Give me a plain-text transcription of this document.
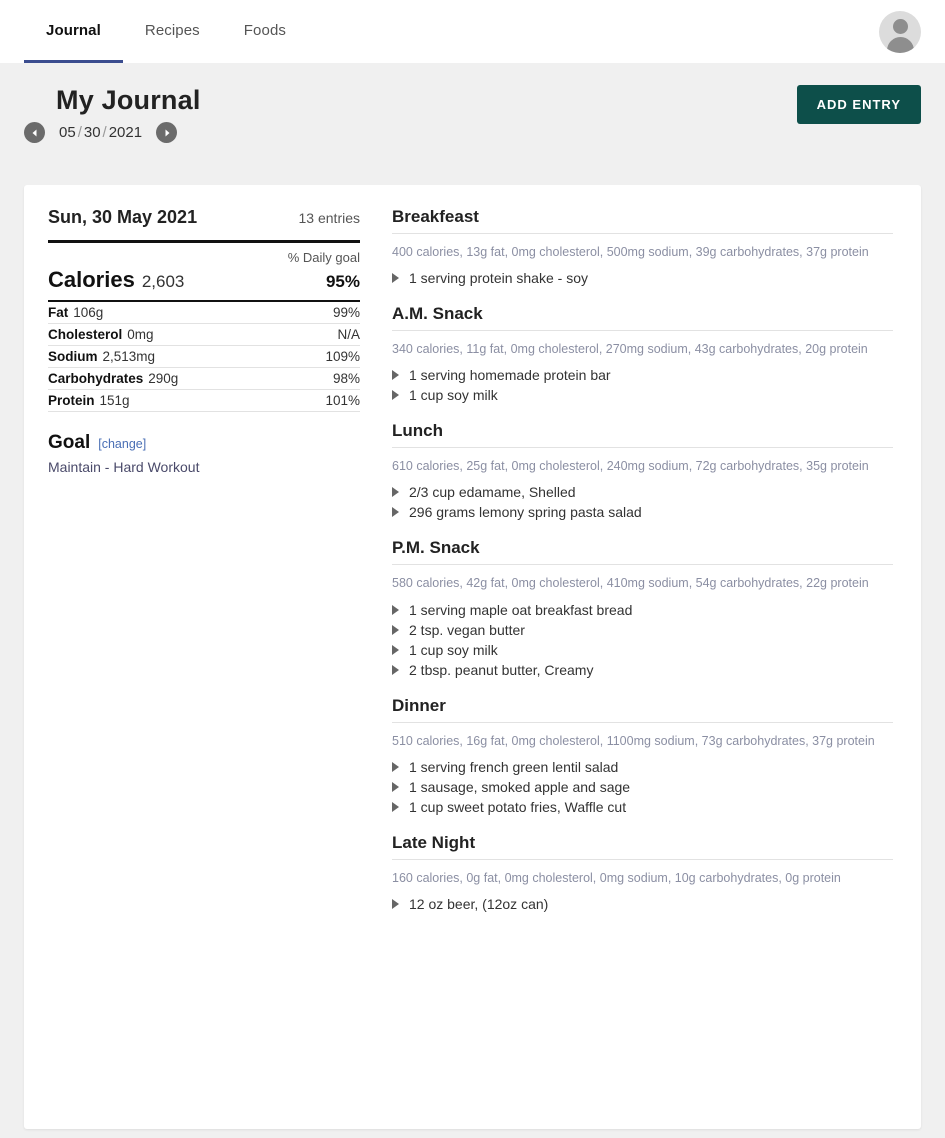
Journal	Recipes	Foods
My Journal
05 / 30 / 2021
ADD ENTRY
Sun, 30 May 2021	13 entries
% Daily goal
Calories 2,603	95%
Fat 106g	99%
Cholesterol 0mg	N/A
Sodium 2,513mg	109%
Carbohydrates 290g	98%
Protein 151g	101%
Goal [change]
Maintain - Hard Workout
Breakfeast
400 calories, 13g fat, 0mg cholesterol, 500mg sodium, 39g carbohydrates, 37g protein
1 serving protein shake - soy
A.M. Snack
340 calories, 11g fat, 0mg cholesterol, 270mg sodium, 43g carbohydrates, 20g protein
1 serving homemade protein bar
1 cup soy milk
Lunch
610 calories, 25g fat, 0mg cholesterol, 240mg sodium, 72g carbohydrates, 35g protein
2/3 cup edamame, Shelled
296 grams lemony spring pasta salad
P.M. Snack
580 calories, 42g fat, 0mg cholesterol, 410mg sodium, 54g carbohydrates, 22g protein
1 serving maple oat breakfast bread
2 tsp. vegan butter
1 cup soy milk
2 tbsp. peanut butter, Creamy
Dinner
510 calories, 16g fat, 0mg cholesterol, 1100mg sodium, 73g carbohydrates, 37g protein
1 serving french green lentil salad
1 sausage, smoked apple and sage
1 cup sweet potato fries, Waffle cut
Late Night
160 calories, 0g fat, 0mg cholesterol, 0mg sodium, 10g carbohydrates, 0g protein
12 oz beer, (12oz can)
